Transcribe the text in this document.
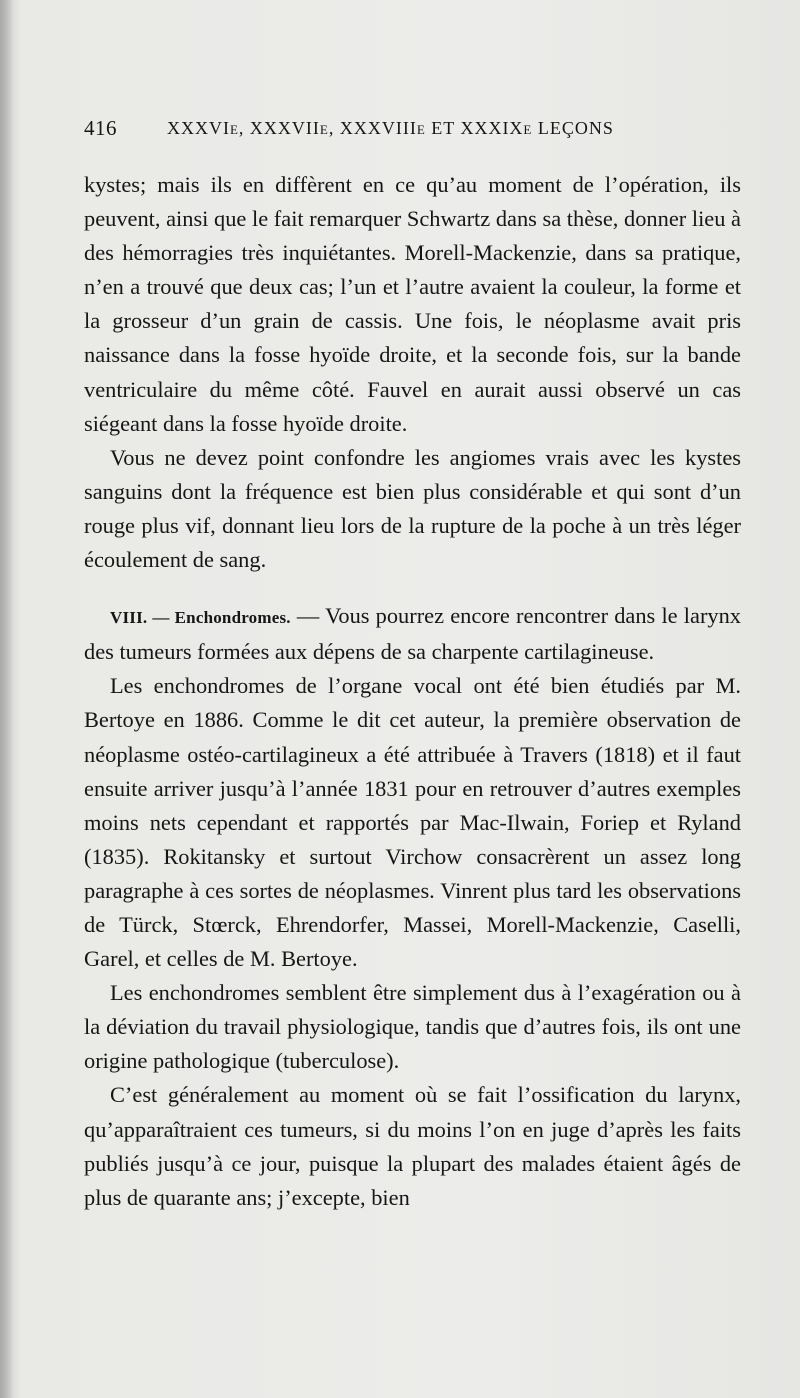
416	XXXVIe, XXXVIIe, XXXVIIIe ET XXXIXe LEÇONS

kystes; mais ils en diffèrent en ce qu’au moment de l’opération, ils peuvent, ainsi que le fait remarquer Schwartz dans sa thèse, donner lieu à des hémorragies très inquiétantes. Morell-Mackenzie, dans sa pratique, n’en a trouvé que deux cas; l’un et l’autre avaient la couleur, la forme et la grosseur d’un grain de cassis. Une fois, le néoplasme avait pris naissance dans la fosse hyoïde droite, et la seconde fois, sur la bande ventriculaire du même côté. Fauvel en aurait aussi observé un cas siégeant dans la fosse hyoïde droite.

Vous ne devez point confondre les angiomes vrais avec les kystes sanguins dont la fréquence est bien plus considérable et qui sont d’un rouge plus vif, donnant lieu lors de la rupture de la poche à un très léger écoulement de sang.

VIII. — Enchondromes. — Vous pourrez encore rencontrer dans le larynx des tumeurs formées aux dépens de sa charpente cartilagineuse.

Les enchondromes de l’organe vocal ont été bien étudiés par M. Bertoye en 1886. Comme le dit cet auteur, la première observation de néoplasme ostéo-cartilagineux a été attribuée à Travers (1818) et il faut ensuite arriver jusqu’à l’année 1831 pour en retrouver d’autres exemples moins nets cependant et rapportés par Mac-Ilwain, Foriep et Ryland (1835). Rokitansky et surtout Virchow consacrèrent un assez long paragraphe à ces sortes de néoplasmes. Vinrent plus tard les observations de Türck, Stœrck, Ehrendorfer, Massei, Morell-Mackenzie, Caselli, Garel, et celles de M. Bertoye.

Les enchondromes semblent être simplement dus à l’exagération ou à la déviation du travail physiologique, tandis que d’autres fois, ils ont une origine pathologique (tuberculose).

C’est généralement au moment où se fait l’ossification du larynx, qu’apparaîtraient ces tumeurs, si du moins l’on en juge d’après les faits publiés jusqu’à ce jour, puisque la plupart des malades étaient âgés de plus de quarante ans; j’excepte, bien
